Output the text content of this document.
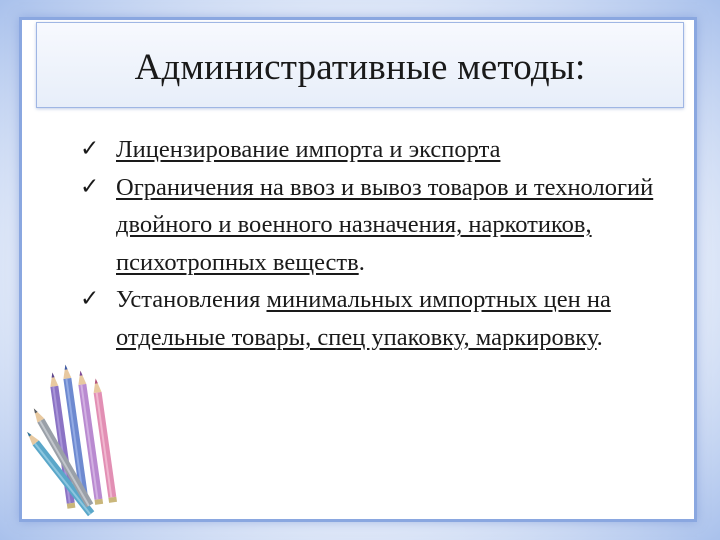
Административные методы:
✓ Лицензирование импорта и экспорта
✓ Ограничения на ввоз и вывоз товаров и технологий двойного и военного назначения, наркотиков, психотропных веществ.
✓ Установления минимальных импортных цен на отдельные товары, спец упаковку, маркировку.
